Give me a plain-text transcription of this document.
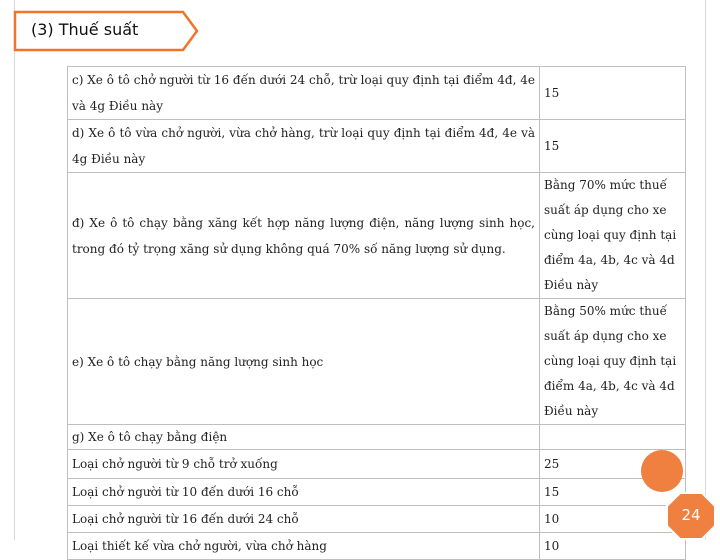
(3) Thuế suất
c) Xe ô tô chở người từ 16 đến dưới 24 chỗ, trừ loại quy định tại điểm 4đ, 4e và 4g Điều này	15

d) Xe ô tô vừa chở người, vừa chở hàng, trừ loại quy định tại điểm 4đ, 4e và 4g Điều này	15

đ) Xe ô tô chạy bằng xăng kết hợp năng lượng điện, năng lượng sinh học, trong đó tỷ trọng xăng sử dụng không quá 70% số năng lượng sử dụng.	Bằng 70% mức thuế suất áp dụng cho xe cùng loại quy định tại điểm 4a, 4b, 4c và 4d Điều này

e) Xe ô tô chạy bằng năng lượng sinh học	Bằng 50% mức thuế suất áp dụng cho xe cùng loại quy định tại điểm 4a, 4b, 4c và 4d Điều này

g) Xe ô tô chạy bằng điện	

Loại chở người từ 9 chỗ trở xuống	25

Loại chở người từ 10 đến dưới 16 chỗ	15

Loại chở người từ 16 đến dưới 24 chỗ	10

Loại thiết kế vừa chở người, vừa chở hàng	10
24
